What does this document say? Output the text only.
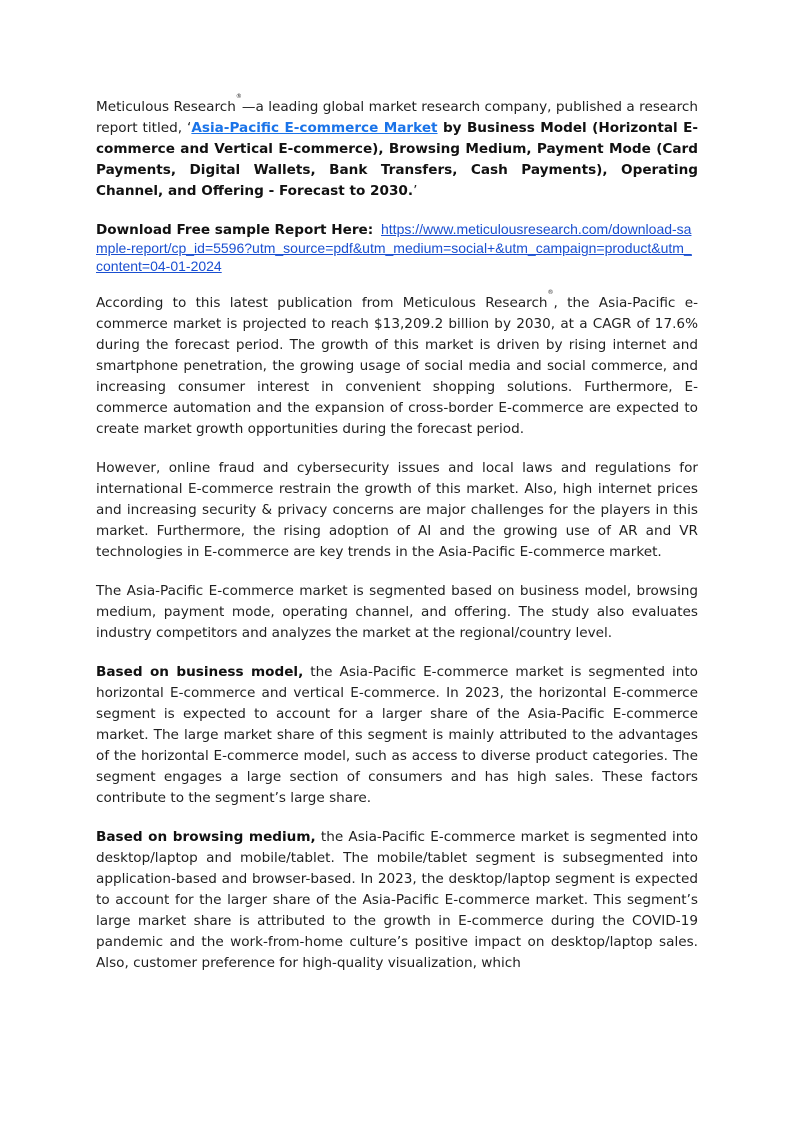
Meticulous Research®—a leading global market research company, published a research report titled, ‘Asia-Pacific E-commerce Market by Business Model (Horizontal E-commerce and Vertical E-commerce), Browsing Medium, Payment Mode (Card Payments, Digital Wallets, Bank Transfers, Cash Payments), Operating Channel, and Offering - Forecast to 2030.’

Download Free sample Report Here: https://www.meticulousresearch.com/download-sample-report/cp_id=5596?utm_source=pdf&utm_medium=social+&utm_campaign=product&utm_content=04-01-2024

According to this latest publication from Meticulous Research®, the Asia-Pacific e-commerce market is projected to reach $13,209.2 billion by 2030, at a CAGR of 17.6% during the forecast period. The growth of this market is driven by rising internet and smartphone penetration, the growing usage of social media and social commerce, and increasing consumer interest in convenient shopping solutions. Furthermore, E-commerce automation and the expansion of cross-border E-commerce are expected to create market growth opportunities during the forecast period.

However, online fraud and cybersecurity issues and local laws and regulations for international E-commerce restrain the growth of this market. Also, high internet prices and increasing security & privacy concerns are major challenges for the players in this market. Furthermore, the rising adoption of AI and the growing use of AR and VR technologies in E-commerce are key trends in the Asia-Pacific E-commerce market.

The Asia-Pacific E-commerce market is segmented based on business model, browsing medium, payment mode, operating channel, and offering. The study also evaluates industry competitors and analyzes the market at the regional/country level.

Based on business model, the Asia-Pacific E-commerce market is segmented into horizontal E-commerce and vertical E-commerce. In 2023, the horizontal E-commerce segment is expected to account for a larger share of the Asia-Pacific E-commerce market. The large market share of this segment is mainly attributed to the advantages of the horizontal E-commerce model, such as access to diverse product categories. The segment engages a large section of consumers and has high sales. These factors contribute to the segment’s large share.

Based on browsing medium, the Asia-Pacific E-commerce market is segmented into desktop/laptop and mobile/tablet. The mobile/tablet segment is subsegmented into application-based and browser-based. In 2023, the desktop/laptop segment is expected to account for the larger share of the Asia-Pacific E-commerce market. This segment’s large market share is attributed to the growth in E-commerce during the COVID-19 pandemic and the work-from-home culture’s positive impact on desktop/laptop sales. Also, customer preference for high-quality visualization, which
